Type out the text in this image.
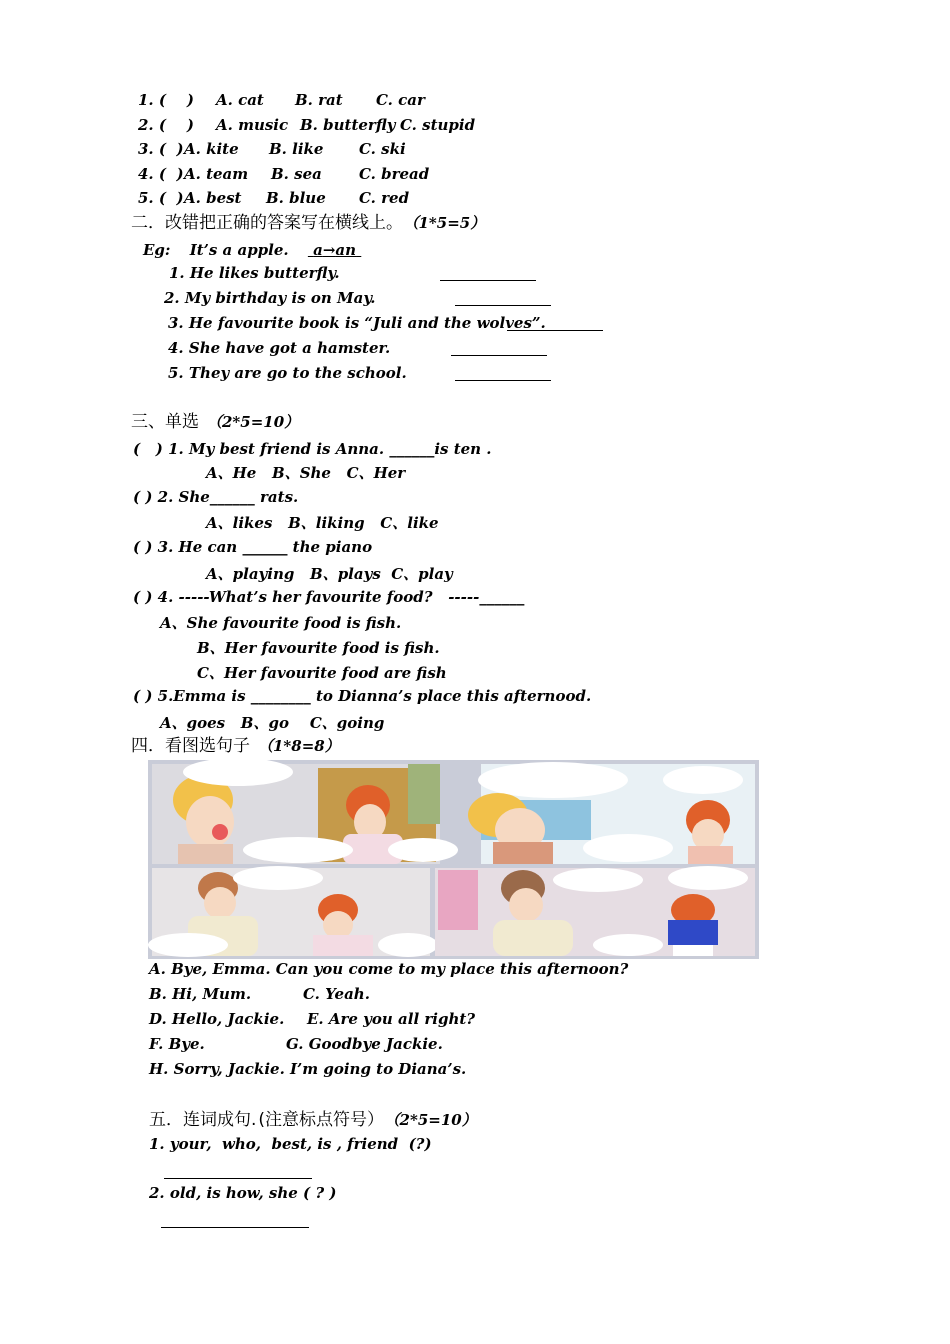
1. (    ) A. cat B. rat C. car
2. (    ) A. music B. butterfly C. stupid
3. (  ) A. kite B. like C. ski
4. (  ) A. team B. sea C. bread
5. (  ) A. best B. blue C. red
二．改错把正确的答案写在横线上。 （1*5=5）
Eg: It’s a apple. a→an
1. He likes butterfly.
2. My birthday is on May.
3. He favourite book is “Juli and the wolves”.
4. She have got a hamster.
5. They are go to the school.
三、单选 （2*5=10）
(   ) 1. My best friend is Anna. ______is ten .
A、He   B、She   C、Her
( ) 2. She______ rats.
A、likes   B、liking   C、like
( ) 3. He can ______ the piano
A、playing   B、plays  C、play
( ) 4. -----What’s her favourite food?   -----______
A、She favourite food is fish.
B、Her favourite food is fish.
C、Her favourite food are fish
( ) 5.Emma is ________ to Dianna’s place this afternood.
A、goes   B、go    C、going
四．看图选句子 （1*8=8）
A. Bye, Emma. Can you come to my place this afternoon?
B. Hi, Mum.	C. Yeah.
D. Hello, Jackie. E. Are you all right?
F. Bye.	G. Goodbye Jackie.
H. Sorry, Jackie. I’m going to Diana’s.
五．连词成句. (注意标点符号） （2*5=10）
1. your,  who,  best, is , friend  (?)
2. old, is how, she ( ? )
